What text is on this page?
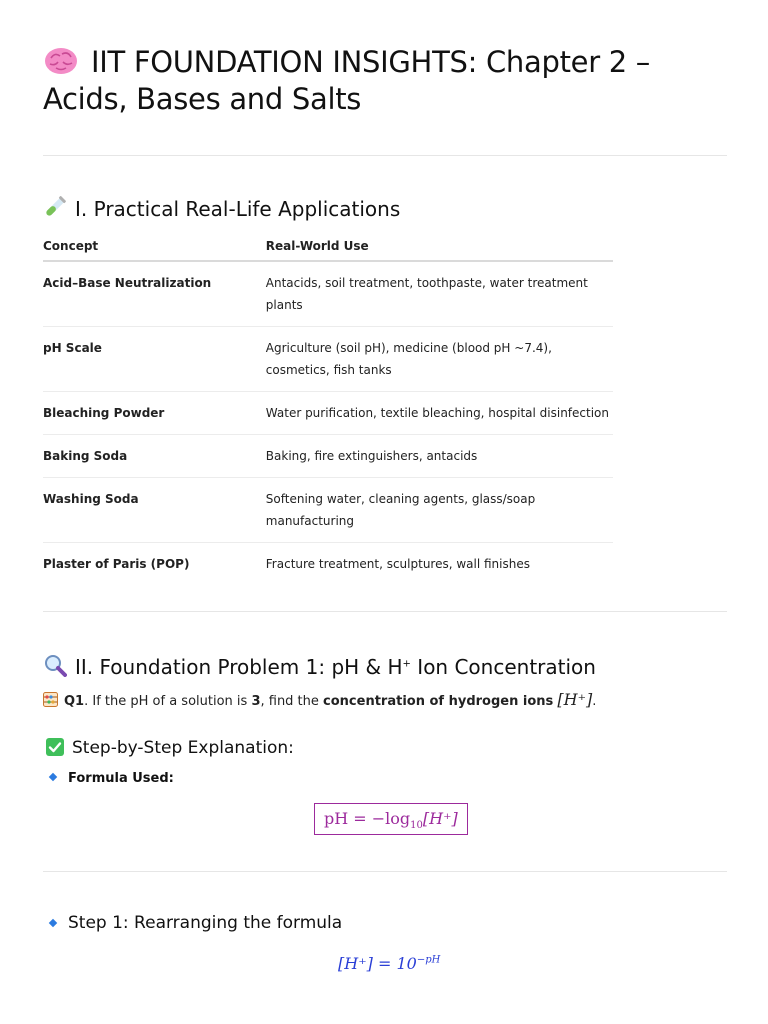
IIT FOUNDATION INSIGHTS: Chapter 2 – Acids, Bases and Salts
I. Practical Real-Life Applications
Concept	Real-World Use
Acid–Base Neutralization	Antacids, soil treatment, toothpaste, water treatment plants
pH Scale	Agriculture (soil pH), medicine (blood pH ~7.4), cosmetics, fish tanks
Bleaching Powder	Water purification, textile bleaching, hospital disinfection
Baking Soda	Baking, fire extinguishers, antacids
Washing Soda	Softening water, cleaning agents, glass/soap manufacturing
Plaster of Paris (POP)	Fracture treatment, sculptures, wall finishes
II. Foundation Problem 1: pH & H+ Ion Concentration
Q1. If the pH of a solution is 3, find the concentration of hydrogen ions [H⁺].
Step-by-Step Explanation:
Formula Used:
pH = $-\log_{10}[H^+]$
Step 1: Rearranging the formula
$[H^+] = 10^{-pH}$
